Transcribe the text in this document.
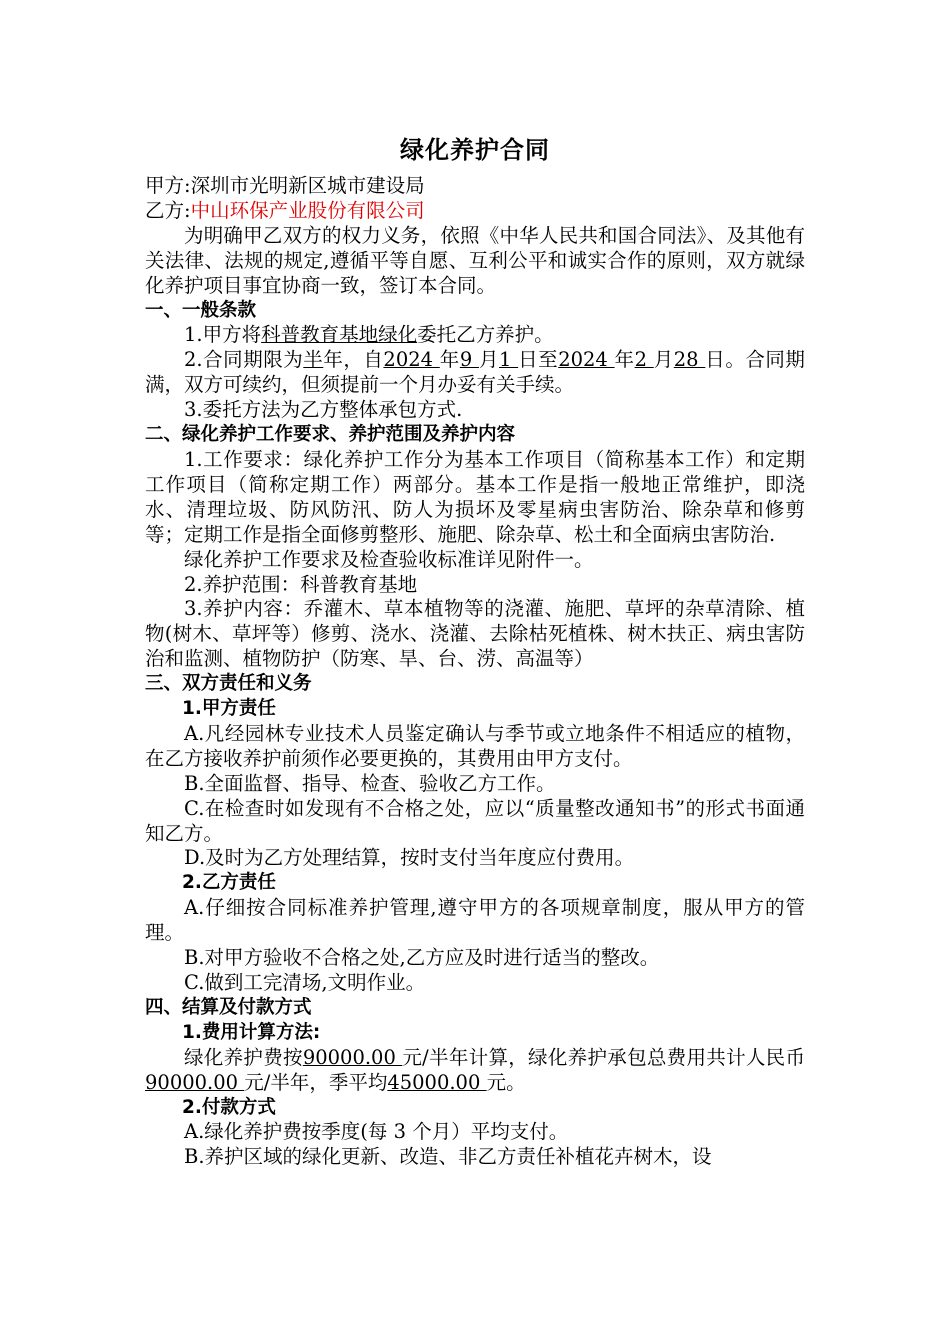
绿化养护合同

甲方:深圳市光明新区城市建设局

乙方:中山环保产业股份有限公司

为明确甲乙双方的权力义务，依照《中华人民共和国合同法》、及其他有关法律、法规的规定,遵循平等自愿、互利公平和诚实合作的原则，双方就绿化养护项目事宜协商一致，签订本合同。

一、一般条款

1.甲方将科普教育基地绿化委托乙方养护。

2.合同期限为半年，自2024 年9 月1 日至2024 年2 月28 日。合同期满，双方可续约，但须提前一个月办妥有关手续。

3.委托方法为乙方整体承包方式.

二、绿化养护工作要求、养护范围及养护内容

1.工作要求：绿化养护工作分为基本工作项目（简称基本工作）和定期工作项目（简称定期工作）两部分。基本工作是指一般地正常维护，即浇水、清理垃圾、防风防汛、防人为损坏及零星病虫害防治、除杂草和修剪等；定期工作是指全面修剪整形、施肥、除杂草、松土和全面病虫害防治.

绿化养护工作要求及检查验收标准详见附件一。

2.养护范围：科普教育基地

3.养护内容：乔灌木、草本植物等的浇灌、施肥、草坪的杂草清除、植物(树木、草坪等）修剪、浇水、浇灌、去除枯死植株、树木扶正、病虫害防治和监测、植物防护（防寒、旱、台、涝、高温等）

三、双方责任和义务

1.甲方责任

A.凡经园林专业技术人员鉴定确认与季节或立地条件不相适应的植物，在乙方接收养护前须作必要更换的，其费用由甲方支付。

B.全面监督、指导、检查、验收乙方工作。

C.在检查时如发现有不合格之处，应以“质量整改通知书”的形式书面通知乙方。

D.及时为乙方处理结算，按时支付当年度应付费用。

2.乙方责任

A.仔细按合同标准养护管理,遵守甲方的各项规章制度，服从甲方的管理。

B.对甲方验收不合格之处,乙方应及时进行适当的整改。

C.做到工完清场,文明作业。

四、结算及付款方式

1.费用计算方法:

绿化养护费按90000.00 元/半年计算，绿化养护承包总费用共计人民币90000.00 元/半年，季平均45000.00 元。

2.付款方式

A.绿化养护费按季度(每 3 个月）平均支付。

B.养护区域的绿化更新、改造、非乙方责任补植花卉树木，设
